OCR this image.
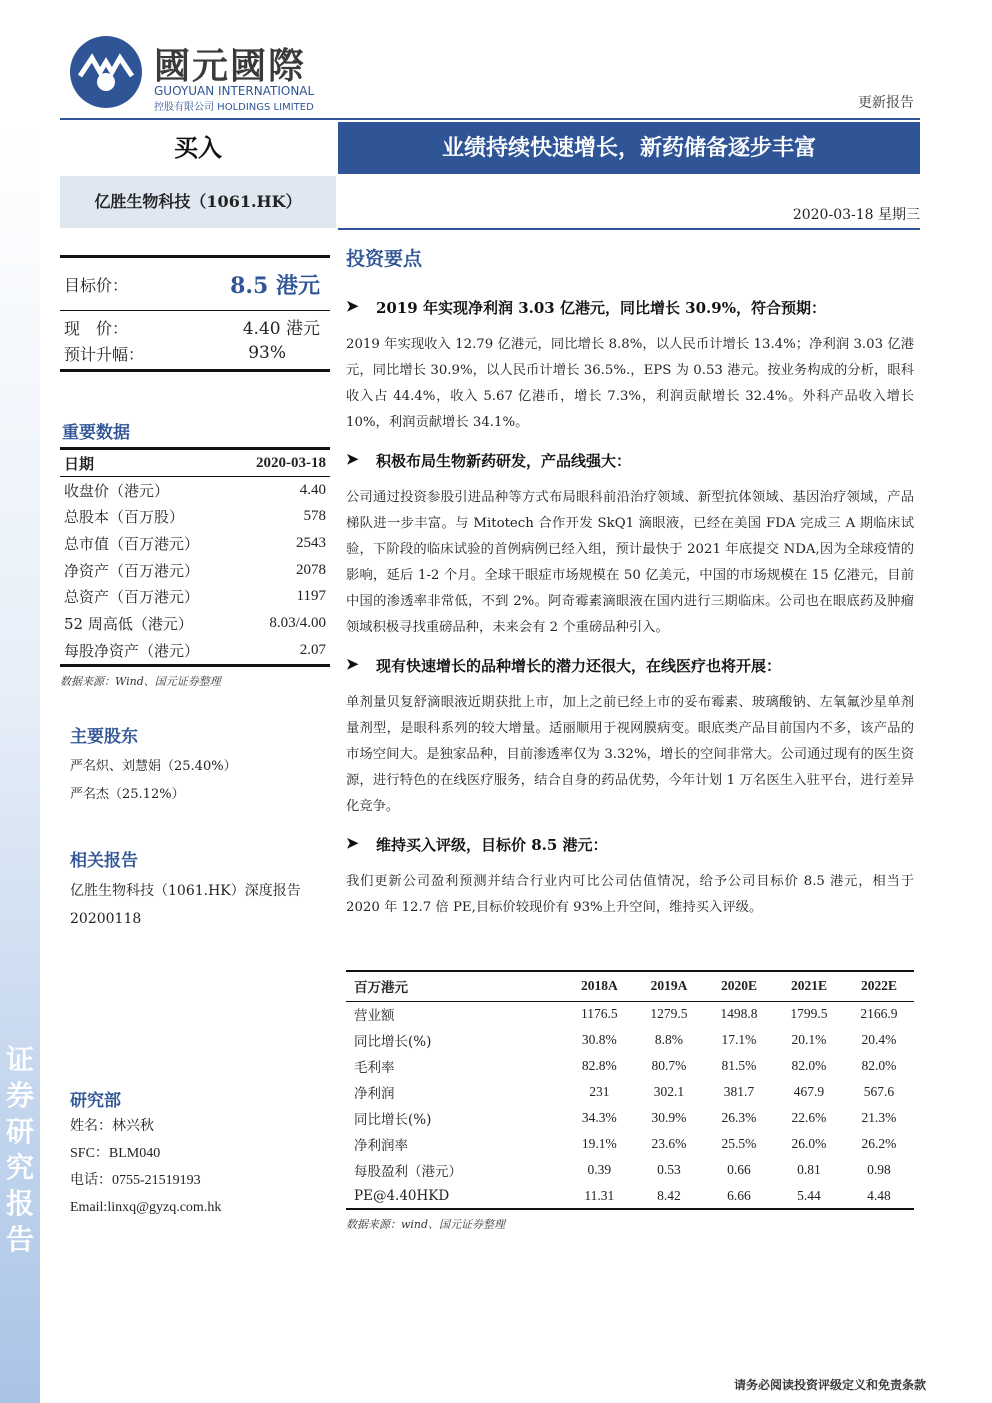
证
券
研
究
报
告
國元國際
GUOYUAN INTERNATIONAL
控股有限公司 HOLDINGS LIMITED	更新报告
买入	业绩持续快速增长，新药储备逐步丰富
亿胜生物科技（1061.HK）
2020-03-18 星期三
目标价：	8.5 港元
现　价：	4.40 港元
预计升幅：	93%
重要数据
日期	2020-03-18
收盘价（港元）	4.40
总股本（百万股）	578
总市值（百万港元）	2543
净资产（百万港元）	2078
总资产（百万港元）	1197
52 周高低（港元）	8.03/4.00
每股净资产（港元）	2.07
数据来源：Wind、国元证券整理
主要股东
严名炽、刘慧娟（25.40%）
严名杰（25.12%）
相关报告
亿胜生物科技（1061.HK）深度报告
20200118
研究部
姓名：林兴秋
SFC：BLM040
电话：0755-21519193
Email:linxq@gyzq.com.hk
投资要点
➤	2019 年实现净利润 3.03 亿港元，同比增长 30.9%，符合预期：
2019 年实现收入 12.79 亿港元，同比增长 8.8%，以人民币计增长 13.4%；净利润 3.03 亿港元，同比增长 30.9%，以人民币计增长 36.5%.，EPS 为 0.53 港元。按业务构成的分析，眼科收入占 44.4%，收入 5.67 亿港币，增长 7.3%，利润贡献增长 32.4%。外科产品收入增长 10%，利润贡献增长 34.1%。
➤	积极布局生物新药研发，产品线强大：
公司通过投资参股引进品种等方式布局眼科前沿治疗领域、新型抗体领域、基因治疗领域，产品梯队进一步丰富。与 Mitotech 合作开发 SkQ1 滴眼液，已经在美国 FDA 完成三 A 期临床试验，下阶段的临床试验的首例病例已经入组，预计最快于 2021 年底提交 NDA,因为全球疫情的影响，延后 1-2 个月。全球干眼症市场规模在 50 亿美元，中国的市场规模在 15 亿港元，目前中国的渗透率非常低，不到 2%。阿奇霉素滴眼液在国内进行三期临床。公司也在眼底药及肿瘤领域积极寻找重磅品种，未来会有 2 个重磅品种引入。
➤	现有快速增长的品种增长的潜力还很大，在线医疗也将开展：
单剂量贝复舒滴眼液近期获批上市，加上之前已经上市的妥布霉素、玻璃酸钠、左氧氟沙星单剂量剂型，是眼科系列的较大增量。适丽顺用于视网膜病变。眼底类产品目前国内不多，该产品的市场空间大。是独家品种，目前渗透率仅为 3.32%，增长的空间非常大。公司通过现有的医生资源，进行特色的在线医疗服务，结合自身的药品优势，今年计划 1 万名医生入驻平台，进行差异化竞争。
➤	维持买入评级，目标价 8.5 港元：
我们更新公司盈利预测并结合行业内可比公司估值情况，给予公司目标价 8.5 港元，相当于 2020 年 12.7 倍 PE,目标价较现价有 93%上升空间，维持买入评级。
百万港元	2018A	2019A	2020E	2021E	2022E
营业额	1176.5	1279.5	1498.8	1799.5	2166.9
同比增长(%)	30.8%	8.8%	17.1%	20.1%	20.4%
毛利率	82.8%	80.7%	81.5%	82.0%	82.0%
净利润	231	302.1	381.7	467.9	567.6
同比增长(%)	34.3%	30.9%	26.3%	22.6%	21.3%
净利润率	19.1%	23.6%	25.5%	26.0%	26.2%
每股盈利（港元）	0.39	0.53	0.66	0.81	0.98
PE@4.40HKD	11.31	8.42	6.66	5.44	4.48
数据来源：wind、国元证券整理
请务必阅读投资评级定义和免责条款
